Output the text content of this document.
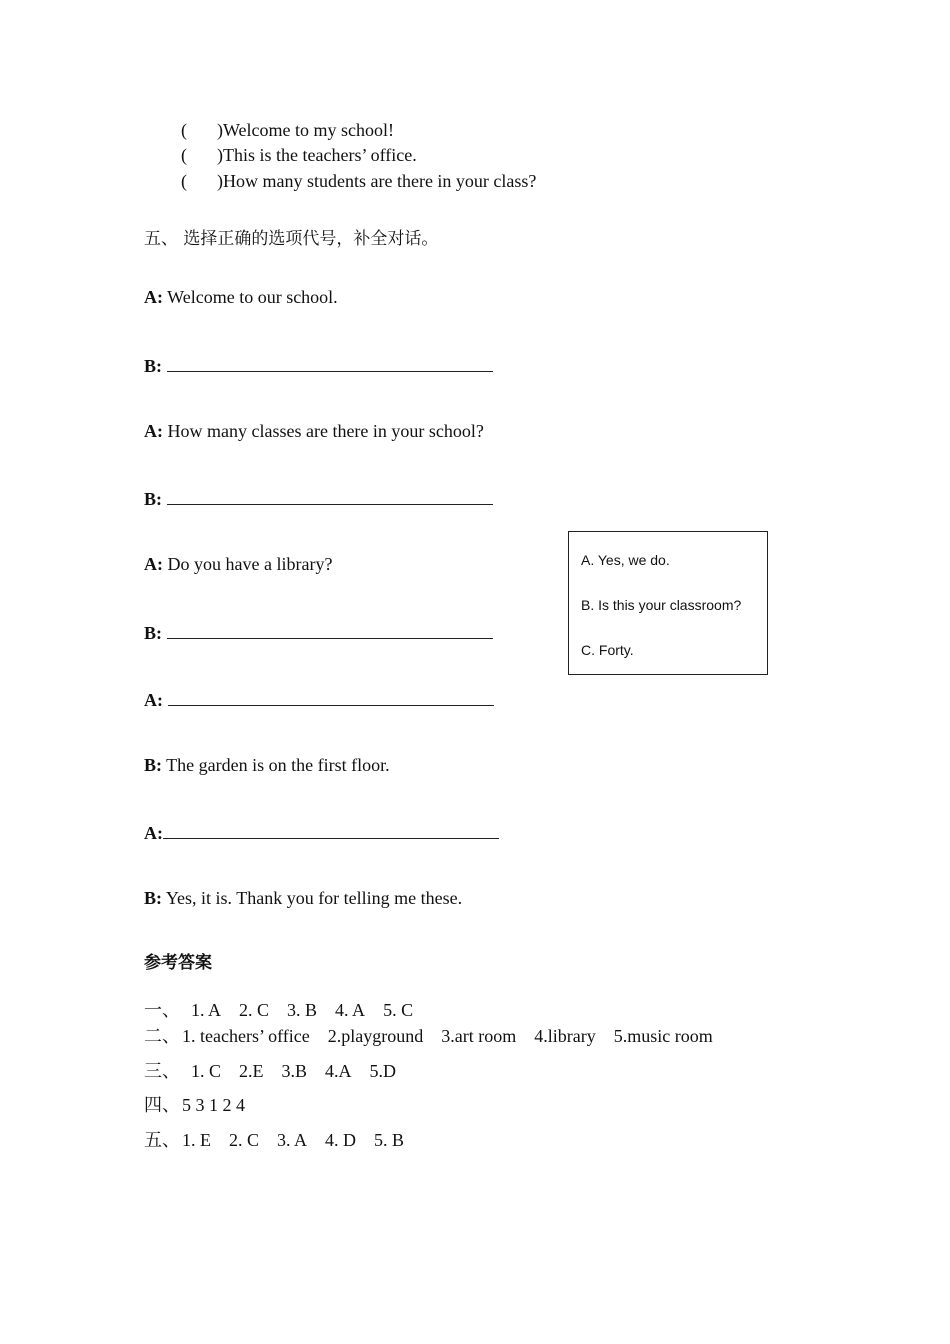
( )Welcome to my school!
( )This is the teachers’ office.
( )How many students are there in your class?
五、 选择正确的选项代号，补全对话。
A: Welcome to our school.
B:
A: How many classes are there in your school?
B:
A: Do you have a library?
B:
A:
B: The garden is on the first floor.
A:
B: Yes, it is. Thank you for telling me these.
A. Yes, we do.
B. Is this your classroom?
C. Forty.
参考答案
一、1. A 2. C 3. B 4. A 5. C
二、 1. teachers’ office 2.playground 3.art room 4.library 5.music room
三、1. C 2.E 3.B 4.A 5.D
四、 5 3 1 2 4
五、 1. E 2. C 3. A 4. D 5. B
